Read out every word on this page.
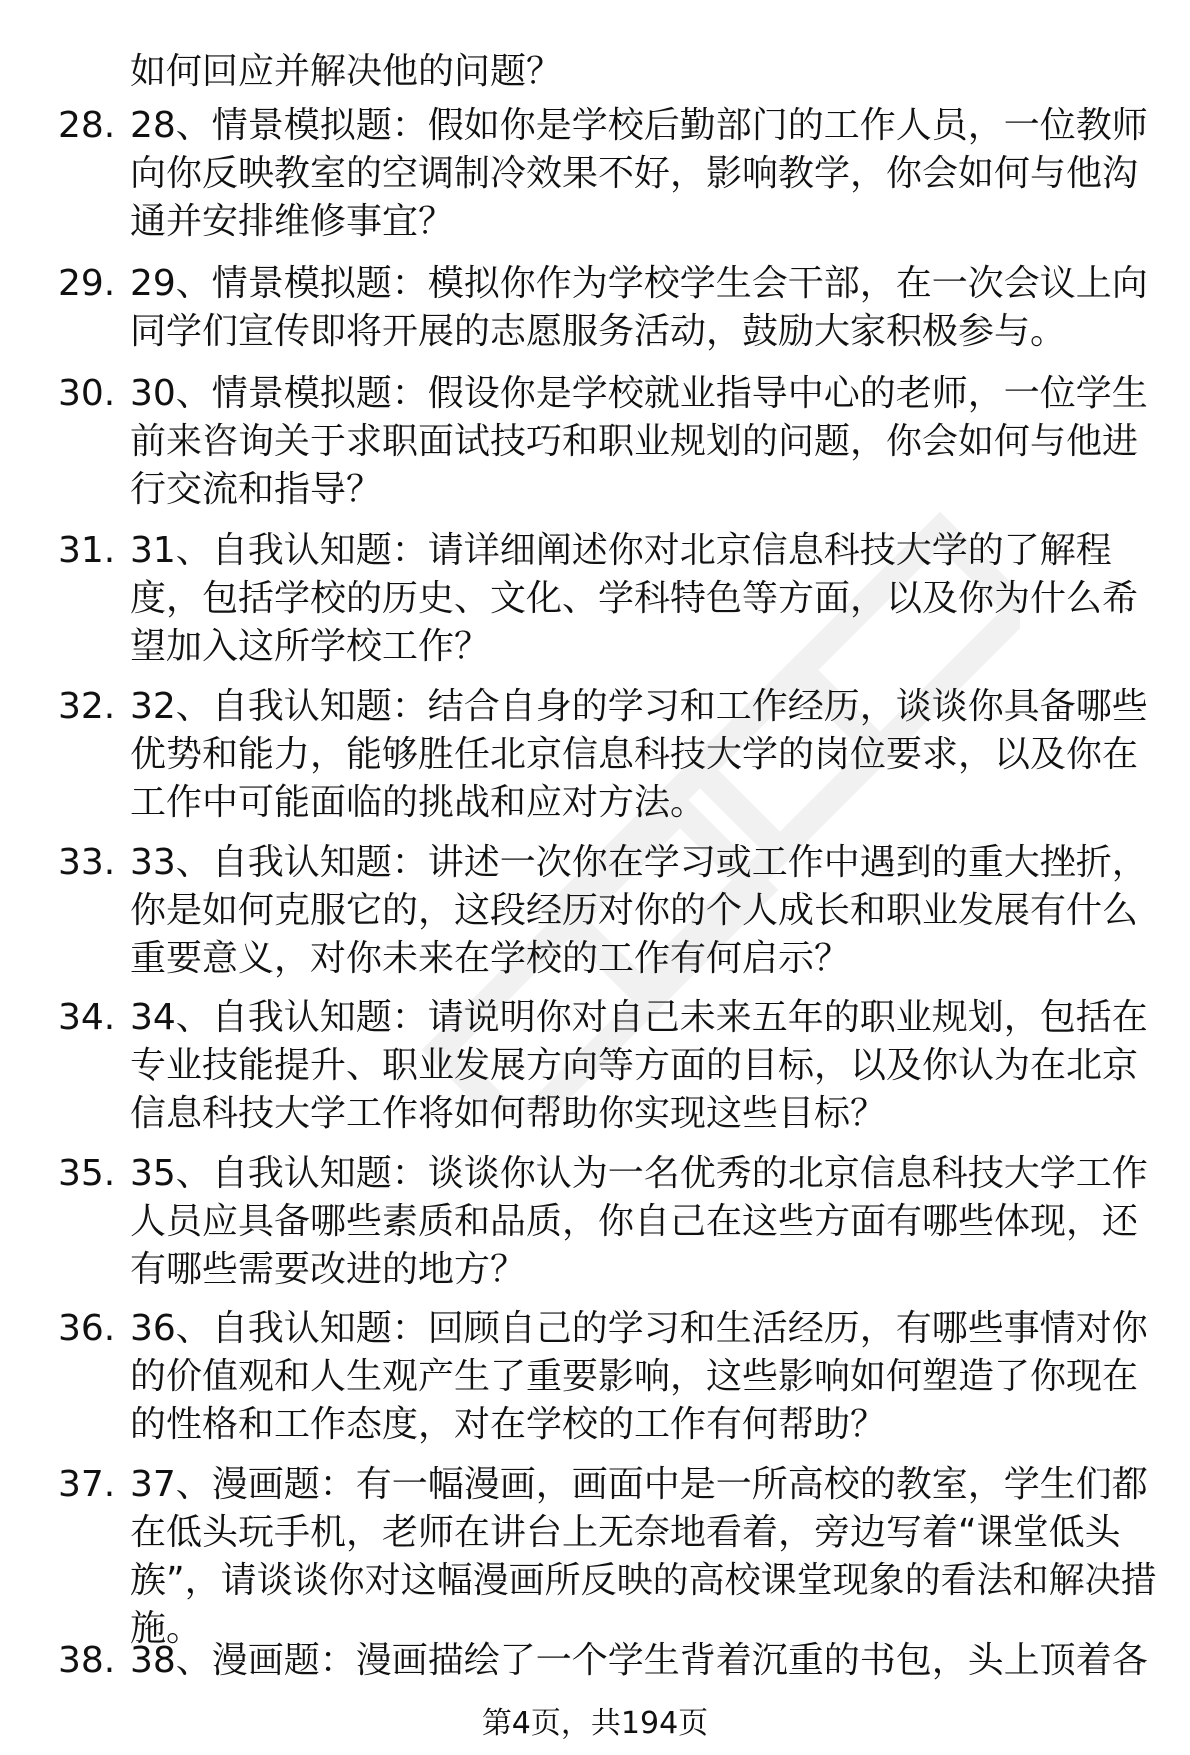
如何回应并解决他的问题？
28. 28、情景模拟题：假如你是学校后勤部门的工作人员，一位教师
向你反映教室的空调制冷效果不好，影响教学，你会如何与他沟
通并安排维修事宜？
29. 29、情景模拟题：模拟你作为学校学生会干部，在一次会议上向
同学们宣传即将开展的志愿服务活动，鼓励大家积极参与。
30. 30、情景模拟题：假设你是学校就业指导中心的老师，一位学生
前来咨询关于求职面试技巧和职业规划的问题，你会如何与他进
行交流和指导？
31. 31、自我认知题：请详细阐述你对北京信息科技大学的了解程
度，包括学校的历史、文化、学科特色等方面，以及你为什么希
望加入这所学校工作？
32. 32、自我认知题：结合自身的学习和工作经历，谈谈你具备哪些
优势和能力，能够胜任北京信息科技大学的岗位要求，以及你在
工作中可能面临的挑战和应对方法。
33. 33、自我认知题：讲述一次你在学习或工作中遇到的重大挫折，
你是如何克服它的，这段经历对你的个人成长和职业发展有什么
重要意义，对你未来在学校的工作有何启示？
34. 34、自我认知题：请说明你对自己未来五年的职业规划，包括在
专业技能提升、职业发展方向等方面的目标，以及你认为在北京
信息科技大学工作将如何帮助你实现这些目标？
35. 35、自我认知题：谈谈你认为一名优秀的北京信息科技大学工作
人员应具备哪些素质和品质，你自己在这些方面有哪些体现，还
有哪些需要改进的地方？
36. 36、自我认知题：回顾自己的学习和生活经历，有哪些事情对你
的价值观和人生观产生了重要影响，这些影响如何塑造了你现在
的性格和工作态度，对在学校的工作有何帮助？
37. 37、漫画题：有一幅漫画，画面中是一所高校的教室，学生们都
在低头玩手机，老师在讲台上无奈地看着，旁边写着“课堂低头
族”，请谈谈你对这幅漫画所反映的高校课堂现象的看法和解决措
施。
38. 38、漫画题：漫画描绘了一个学生背着沉重的书包，头上顶着各
第4页，共194页
